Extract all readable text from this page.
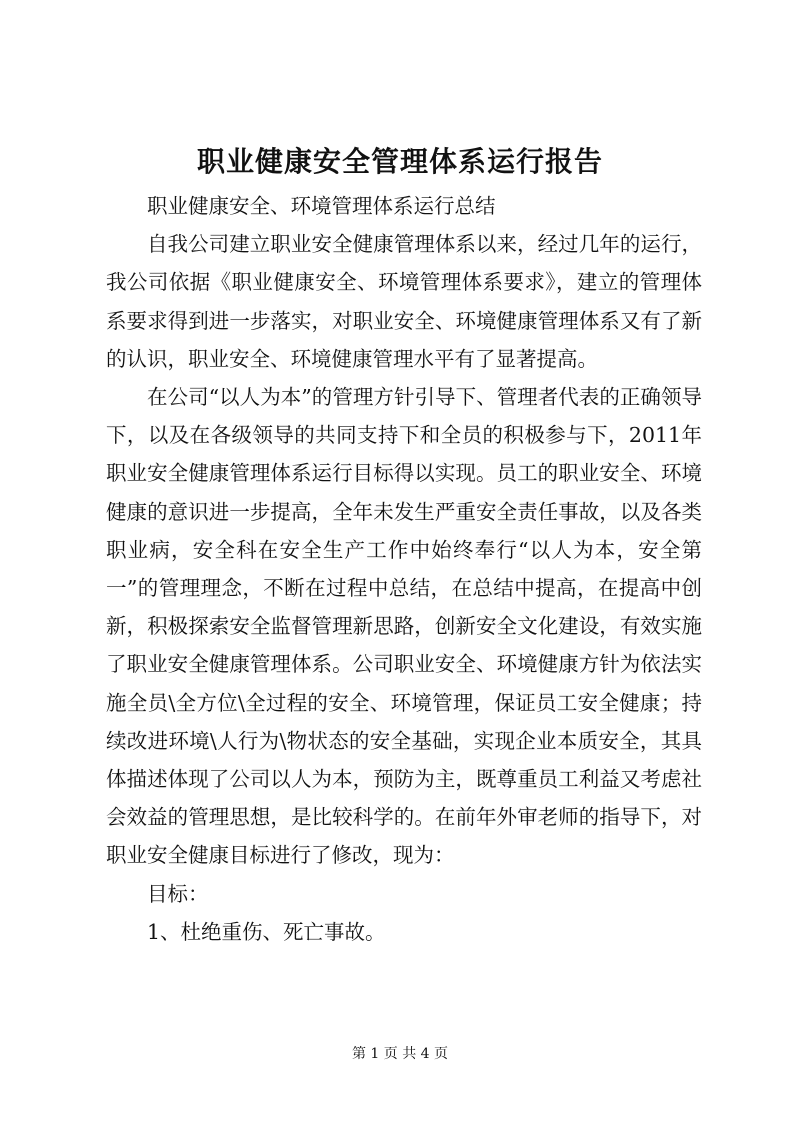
职业健康安全管理体系运行报告

职业健康安全、环境管理体系运行总结

自我公司建立职业安全健康管理体系以来，经过几年的运行，我公司依据《职业健康安全、环境管理体系要求》，建立的管理体系要求得到进一步落实，对职业安全、环境健康管理体系又有了新的认识，职业安全、环境健康管理水平有了显著提高。

在公司“以人为本”的管理方针引导下、管理者代表的正确领导下，以及在各级领导的共同支持下和全员的积极参与下，2011年职业安全健康管理体系运行目标得以实现。员工的职业安全、环境健康的意识进一步提高，全年未发生严重安全责任事故，以及各类职业病，安全科在安全生产工作中始终奉行“以人为本，安全第一”的管理理念，不断在过程中总结，在总结中提高，在提高中创新，积极探索安全监督管理新思路，创新安全文化建设，有效实施了职业安全健康管理体系。公司职业安全、环境健康方针为依法实施全员\全方位\全过程的安全、环境管理，保证员工安全健康；持续改进环境\人行为\物状态的安全基础，实现企业本质安全，其具体描述体现了公司以人为本，预防为主，既尊重员工利益又考虑社会效益的管理思想，是比较科学的。在前年外审老师的指导下，对职业安全健康目标进行了修改，现为：

目标：

1、杜绝重伤、死亡事故。

第 1 页 共 4 页
